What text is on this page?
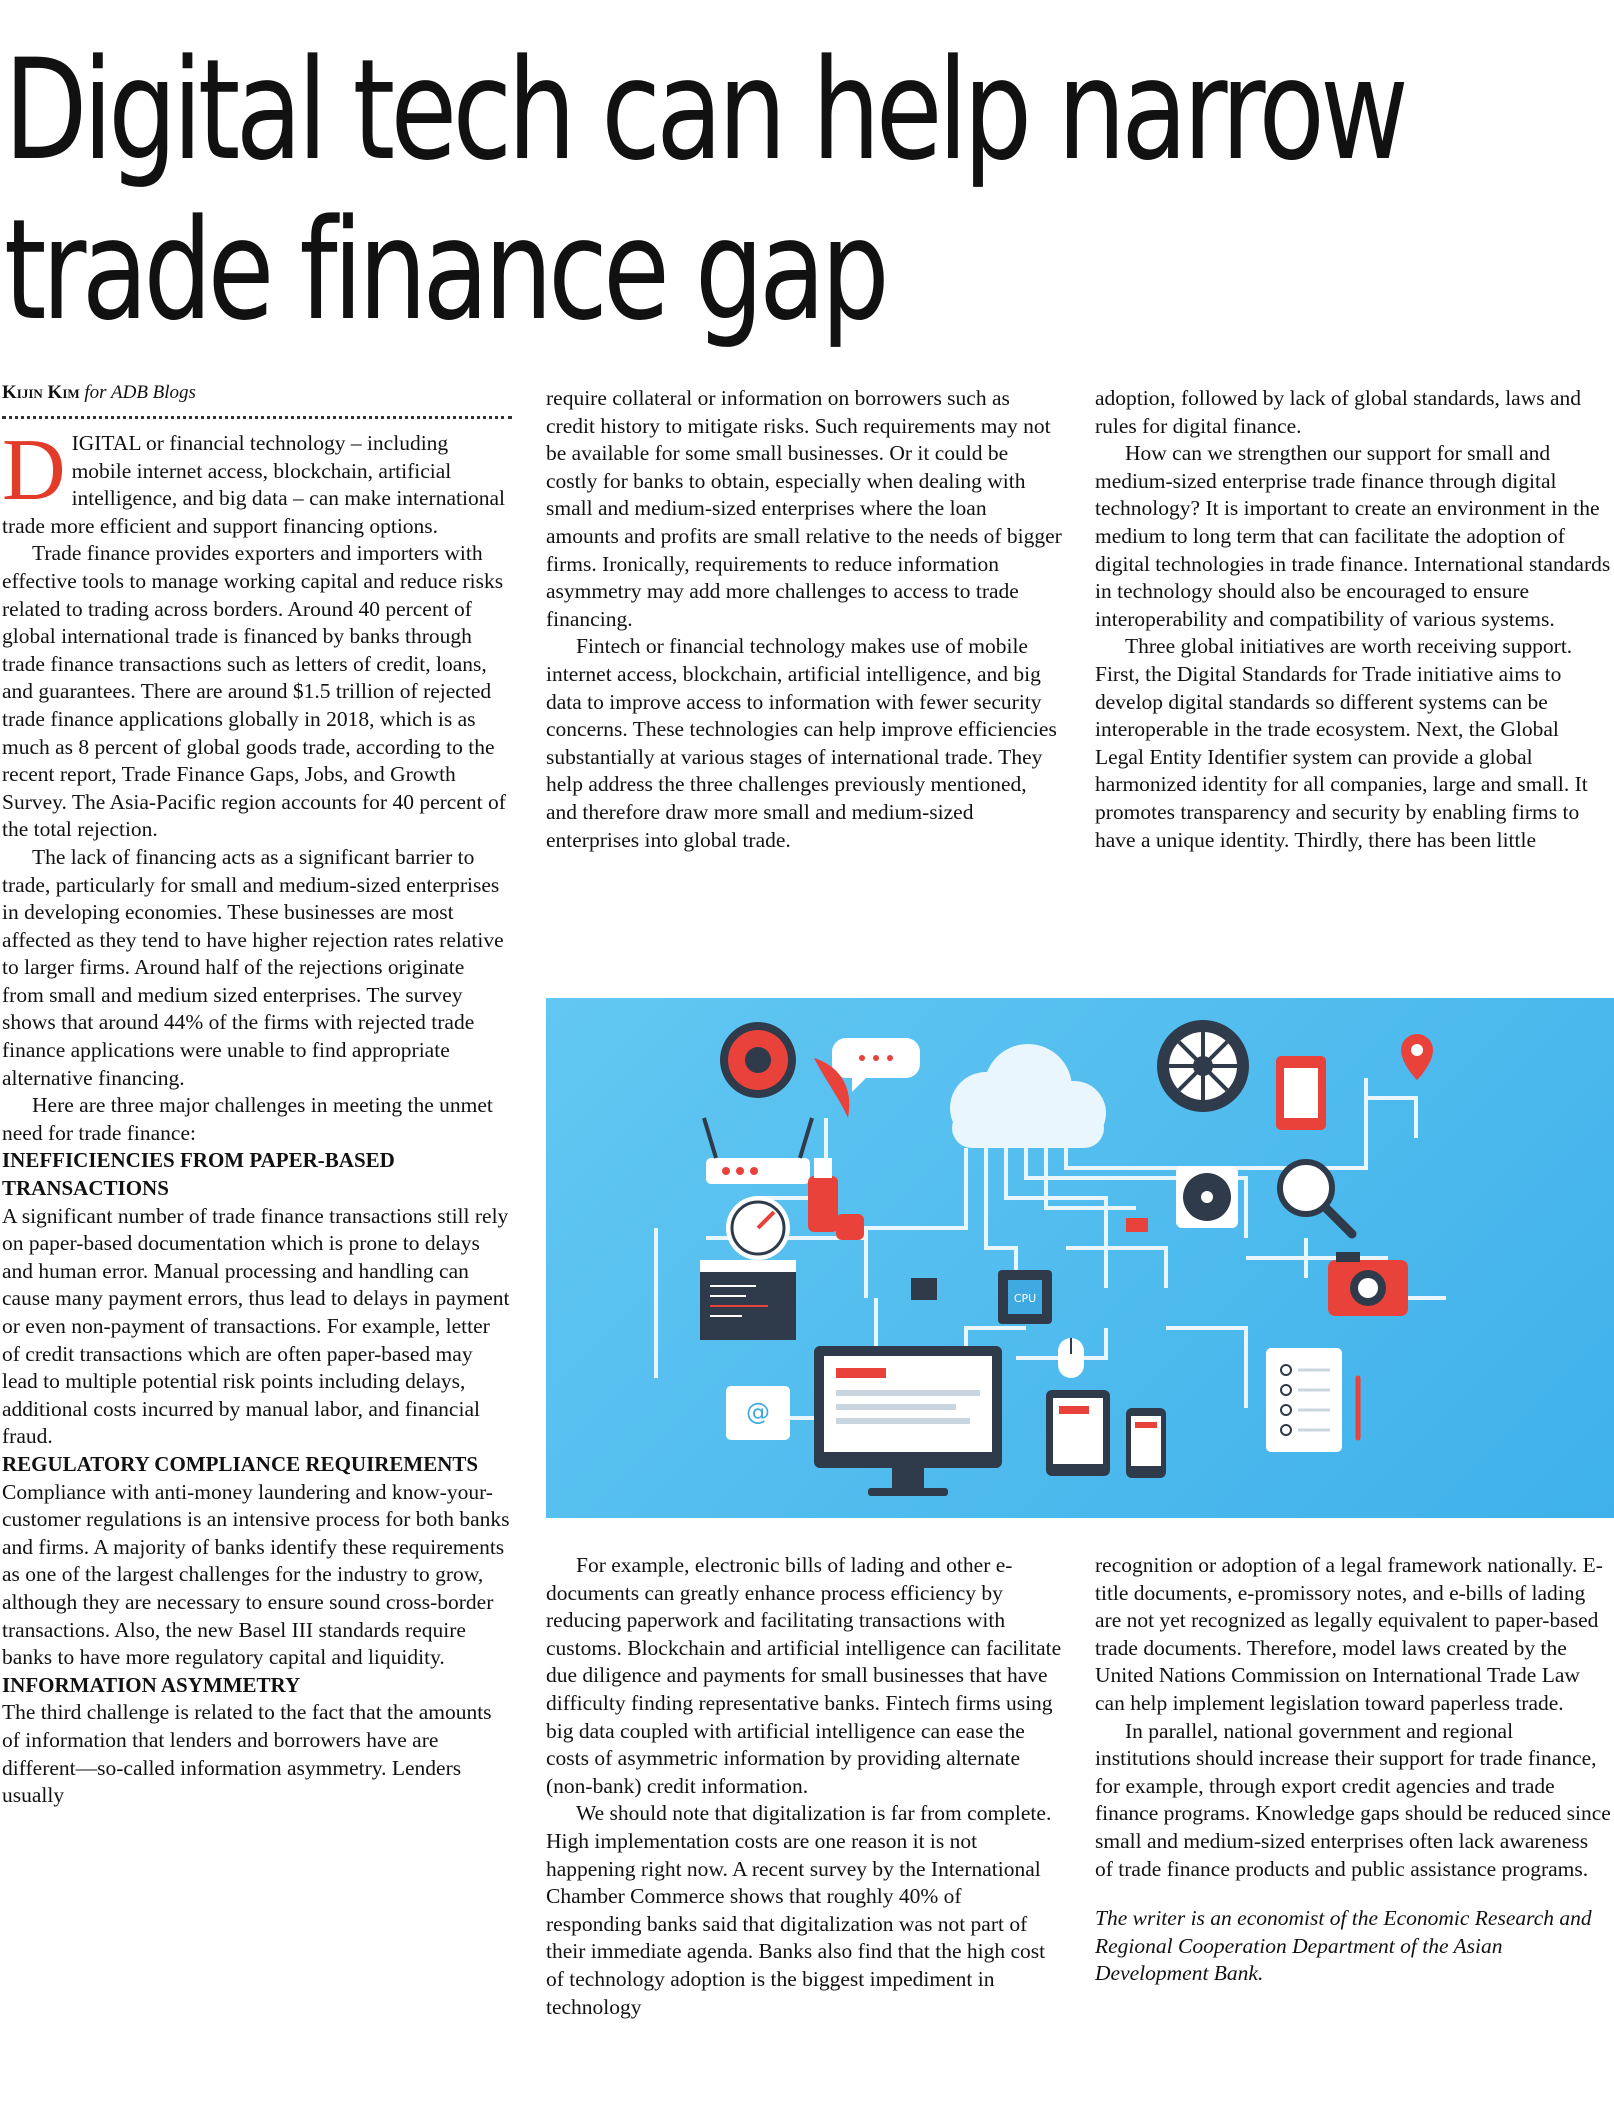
Digital tech can help narrow
trade finance gap
Kijin Kim for ADB Blogs

DIGITAL or financial technology – including mobile internet access, blockchain, artificial intelligence, and big data – can make international trade more efficient and support financing options.

Trade finance provides exporters and importers with effective tools to manage working capital and reduce risks related to trading across borders. Around 40 percent of global international trade is financed by banks through trade finance transactions such as letters of credit, loans, and guarantees. There are around $1.5 trillion of rejected trade finance applications globally in 2018, which is as much as 8 percent of global goods trade, according to the recent report, Trade Finance Gaps, Jobs, and Growth Survey. The Asia-Pacific region accounts for 40 percent of the total rejection.

The lack of financing acts as a significant barrier to trade, particularly for small and medium-sized enterprises in developing economies. These businesses are most affected as they tend to have higher rejection rates relative to larger firms. Around half of the rejections originate from small and medium sized enterprises. The survey shows that around 44% of the firms with rejected trade finance applications were unable to find appropriate alternative financing.

Here are three major challenges in meeting the unmet need for trade finance:

INEFFICIENCIES FROM PAPER-BASED TRANSACTIONS

A significant number of trade finance transactions still rely on paper-based documentation which is prone to delays and human error. Manual processing and handling can cause many payment errors, thus lead to delays in payment or even non-payment of transactions. For example, letter of credit transactions which are often paper-based may lead to multiple potential risk points including delays, additional costs incurred by manual labor, and financial fraud.

REGULATORY COMPLIANCE REQUIREMENTS

Compliance with anti-money laundering and know-your-customer regulations is an intensive process for both banks and firms. A majority of banks identify these requirements as one of the largest challenges for the industry to grow, although they are necessary to ensure sound cross-border transactions. Also, the new Basel III standards require banks to have more regulatory capital and liquidity.

INFORMATION ASYMMETRY

The third challenge is related to the fact that the amounts of information that lenders and borrowers have are different—so-called information asymmetry. Lenders usually

require collateral or information on borrowers such as credit history to mitigate risks. Such requirements may not be available for some small businesses. Or it could be costly for banks to obtain, especially when dealing with small and medium-sized enterprises where the loan amounts and profits are small relative to the needs of bigger firms. Ironically, requirements to reduce information asymmetry may add more challenges to access to trade financing.

Fintech or financial technology makes use of mobile internet access, blockchain, artificial intelligence, and big data to improve access to information with fewer security concerns. These technologies can help improve efficiencies substantially at various stages of international trade. They help address the three challenges previously mentioned, and therefore draw more small and medium-sized enterprises into global trade.

adoption, followed by lack of global standards, laws and rules for digital finance.

How can we strengthen our support for small and medium-sized enterprise trade finance through digital technology? It is important to create an environment in the medium to long term that can facilitate the adoption of digital technologies in trade finance. International standards in technology should also be encouraged to ensure interoperability and compatibility of various systems.

Three global initiatives are worth receiving support. First, the Digital Standards for Trade initiative aims to develop digital standards so different systems can be interoperable in the trade ecosystem. Next, the Global Legal Entity Identifier system can provide a global harmonized identity for all companies, large and small. It promotes transparency and security by enabling firms to have a unique identity. Thirdly, there has been little

CPU
@

For example, electronic bills of lading and other e-documents can greatly enhance process efficiency by reducing paperwork and facilitating transactions with customs. Blockchain and artificial intelligence can facilitate due diligence and payments for small businesses that have difficulty finding representative banks. Fintech firms using big data coupled with artificial intelligence can ease the costs of asymmetric information by providing alternate (non-bank) credit information.

We should note that digitalization is far from complete. High implementation costs are one reason it is not happening right now. A recent survey by the International Chamber Commerce shows that roughly 40% of responding banks said that digitalization was not part of their immediate agenda. Banks also find that the high cost of technology adoption is the biggest impediment in technology

recognition or adoption of a legal framework nationally. E-title documents, e-promissory notes, and e-bills of lading are not yet recognized as legally equivalent to paper-based trade documents. Therefore, model laws created by the United Nations Commission on International Trade Law can help implement legislation toward paperless trade.

In parallel, national government and regional institutions should increase their support for trade finance, for example, through export credit agencies and trade finance programs. Knowledge gaps should be reduced since small and medium-sized enterprises often lack awareness of trade finance products and public assistance programs.

The writer is an economist of the Economic Research and Regional Cooperation Department of the Asian Development Bank.
